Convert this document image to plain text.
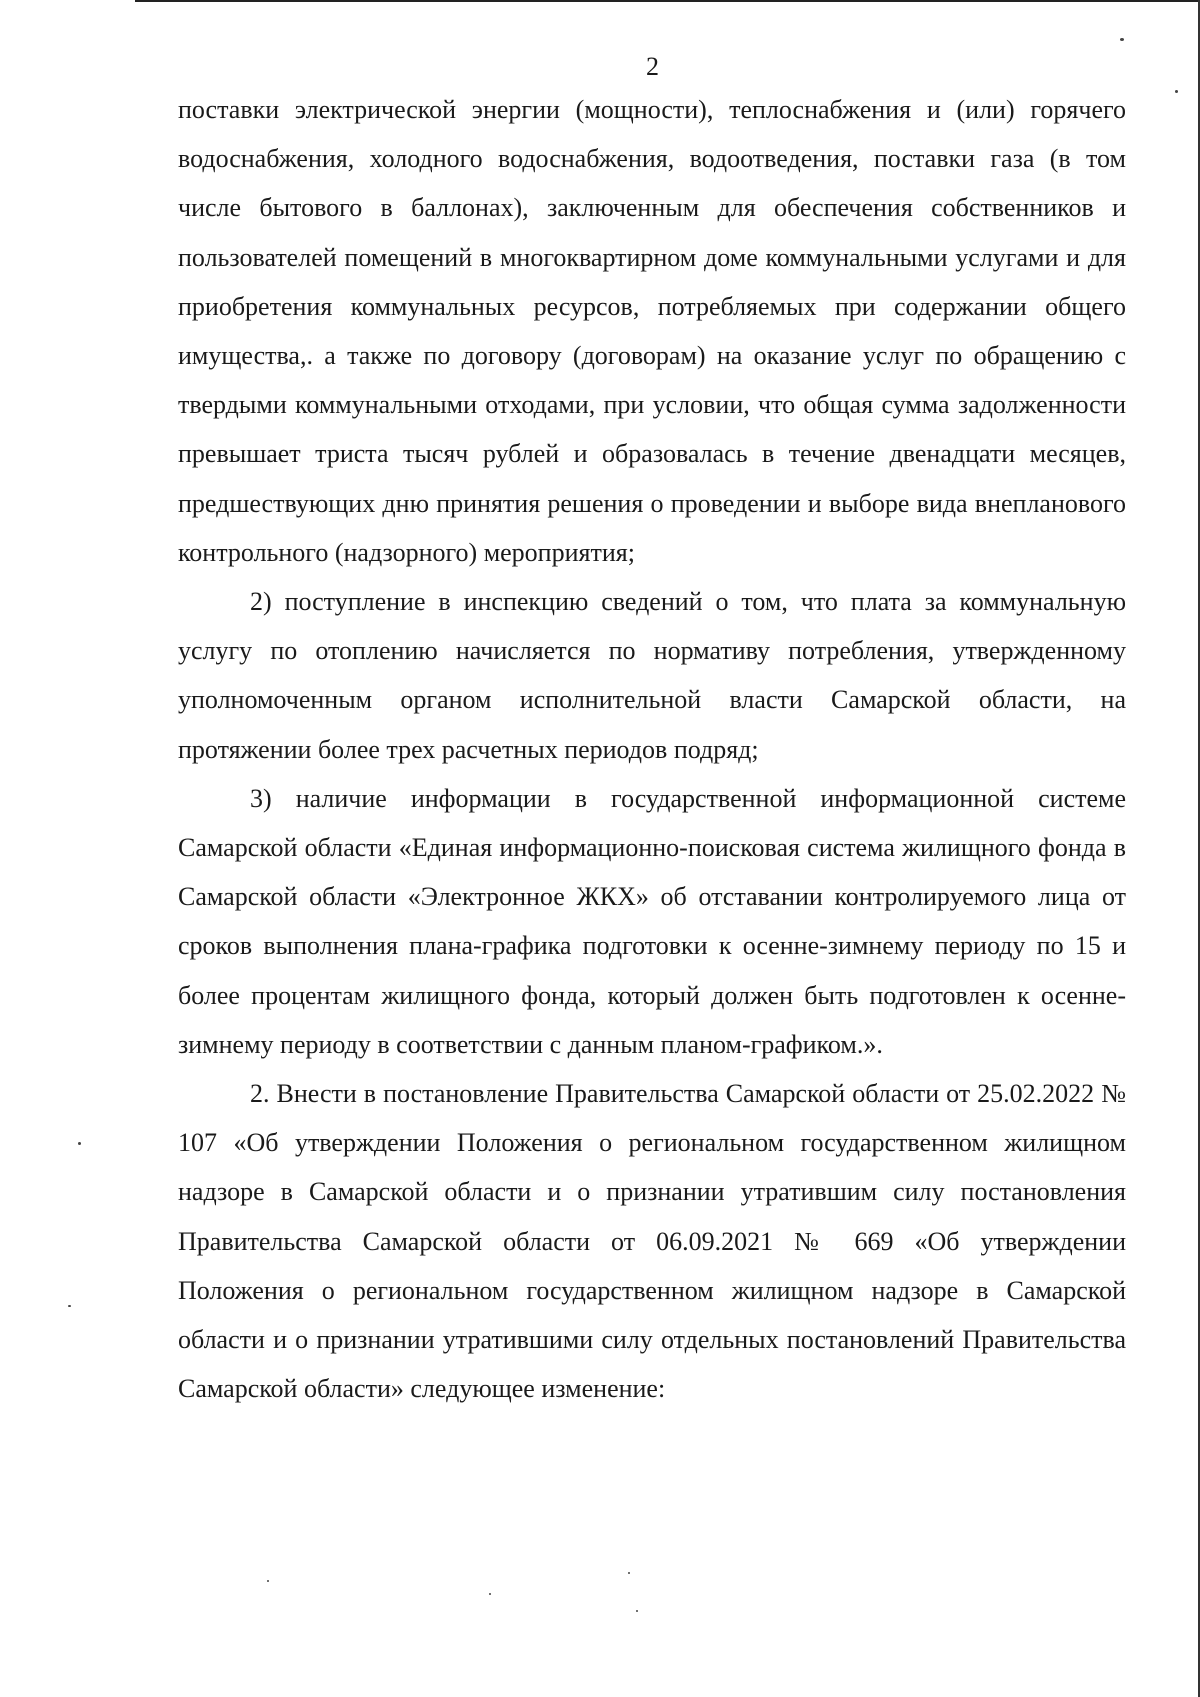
2

поставки электрической энергии (мощности), теплоснабжения и (или) горячего водоснабжения, холодного водоснабжения, водоотведения, поставки газа (в том числе бытового в баллонах), заключенным для обеспечения собственников и пользователей помещений в многоквартирном доме коммунальными услугами и для приобретения коммунальных ресурсов, потребляемых при содержании общего имущества,. а также по договору (договорам) на оказание услуг по обращению с твердыми коммунальными отходами, при условии, что общая сумма задолженности превышает триста тысяч рублей и образовалась в течение двенадцати месяцев, предшествующих дню принятия решения о проведении и выборе вида внепланового контрольного (надзорного) мероприятия;

2) поступление в инспекцию сведений о том, что плата за коммунальную услугу по отоплению начисляется по нормативу потребления, утвержденному уполномоченным органом исполнительной власти Самарской области, на протяжении более трех расчетных периодов подряд;

3) наличие информации в государственной информационной системе Самарской области «Единая информационно-поисковая система жилищного фонда в Самарской области «Электронное ЖКХ» об отставании контролируемого лица от сроков выполнения плана-графика подготовки к осенне-зимнему периоду по 15 и более процентам жилищного фонда, который должен быть подготовлен к осенне-зимнему периоду в соответствии с данным планом-графиком.».

2. Внести в постановление Правительства Самарской области от 25.02.2022 № 107 «Об утверждении Положения о региональном государственном жилищном надзоре в Самарской области и о признании утратившим силу постановления Правительства Самарской области от 06.09.2021 № 669 «Об утверждении Положения о региональном государственном жилищном надзоре в Самарской области и о признании утратившими силу отдельных постановлений Правительства Самарской области» следующее изменение:
